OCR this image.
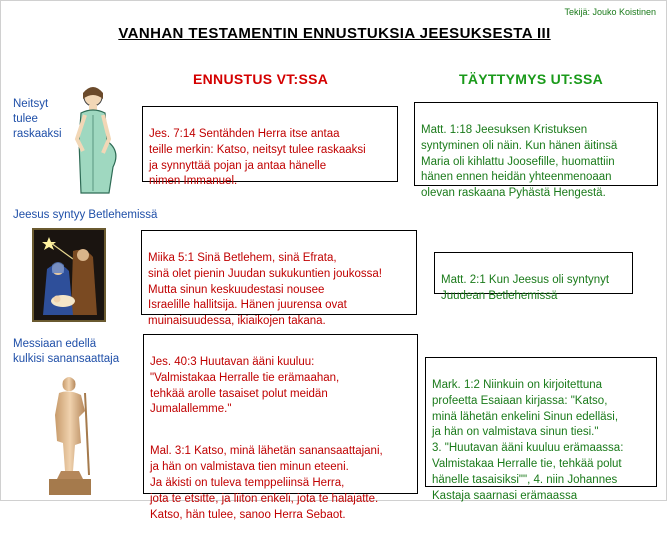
Tekijä: Jouko Koistinen
VANHAN TESTAMENTIN ENNUSTUKSIA JEESUKSESTA III
ENNUSTUS VT:SSA	TÄYTTYMYS UT:SSA
Neitsyt
tulee
raskaaksi	Jes. 7:14 Sentähden Herra itse antaa
teille merkin: Katso, neitsyt tulee raskaaksi
ja synnyttää pojan ja antaa hänelle
nimen Immanuel.

Matt. 1:18 Jeesuksen Kristuksen
syntyminen oli näin. Kun hänen äitinsä
Maria oli kihlattu Joosefille, huomattiin
hänen ennen heidän yhteenmenoaan
olevan raskaana Pyhästä Hengestä.

Jeesus syntyy Betlehemissä

Miika 5:1 Sinä Betlehem, sinä Efrata,
sinä olet pienin Juudan sukukuntien joukossa!
Mutta sinun keskuudestasi nousee
Israelille hallitsija. Hänen juurensa ovat
muinaisuudessa, ikiaikojen takana.

Matt. 2:1 Kun Jeesus oli syntynyt
Juudean Betlehemissä

Messiaan edellä
kulkisi sanansaattaja	Jes. 40:3 Huutavan ääni kuuluu:
"Valmistakaa Herralle tie erämaahan,
tehkää arolle tasaiset polut meidän
Jumalallemme."

Mal. 3:1 Katso, minä lähetän sanansaattajani,
ja hän on valmistava tien minun eteeni.
Ja äkisti on tuleva temppeliinsä Herra,
jota te etsitte, ja liiton enkeli, jota te halajatte.
Katso, hän tulee, sanoo Herra Sebaot.

Mark. 1:2 Niinkuin on kirjoitettuna
profeetta Esaiaan kirjassa: "Katso,
minä lähetän enkelini Sinun edelläsi,
ja hän on valmistava sinun tiesi."
3. "Huutavan ääni kuuluu erämaassa:
Valmistakaa Herralle tie, tehkää polut
hänelle tasaisiksi"", 4. niin Johannes
Kastaja saarnasi erämaassa
